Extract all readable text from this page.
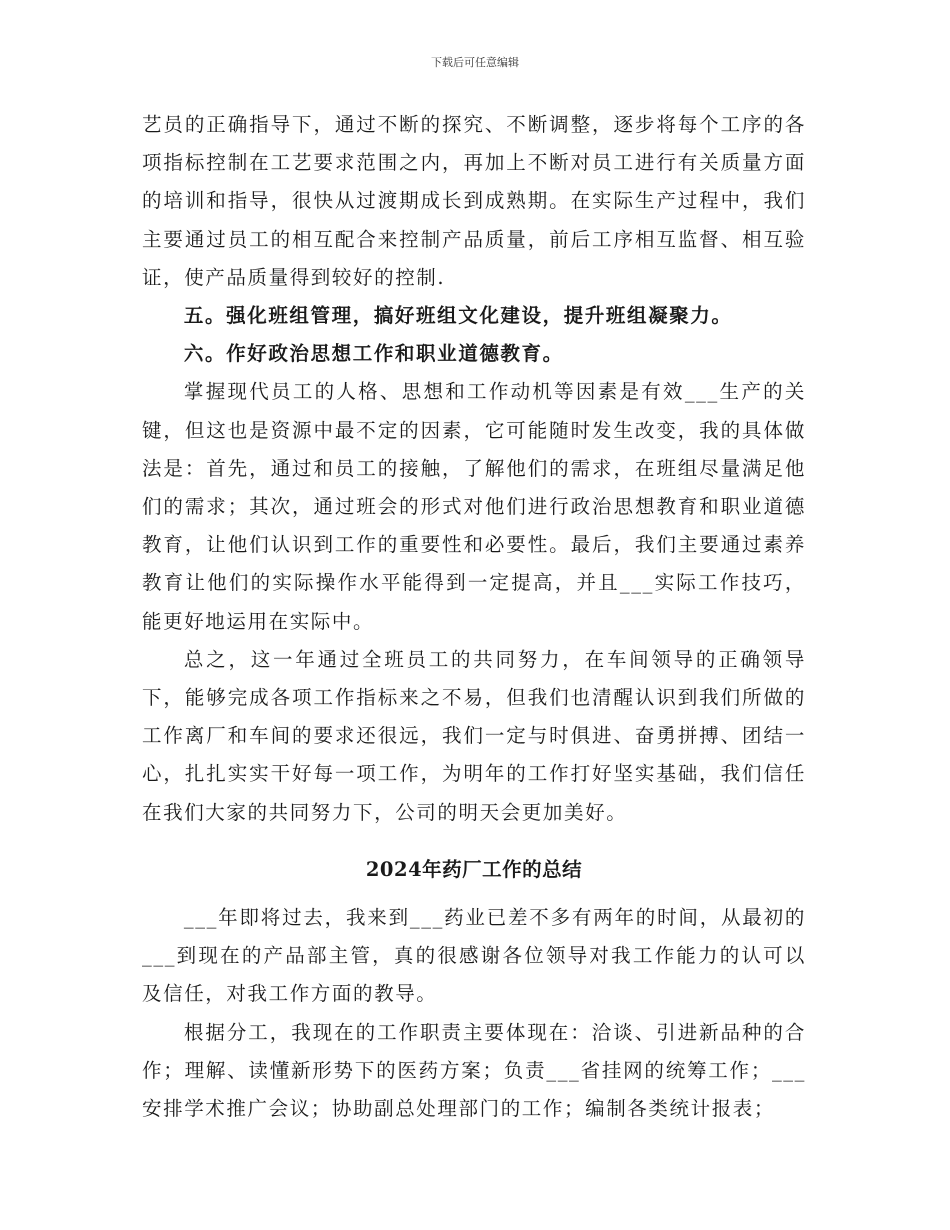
下载后可任意编辑

艺员的正确指导下，通过不断的探究、不断调整，逐步将每个工序的各项指标控制在工艺要求范围之内，再加上不断对员工进行有关质量方面的培训和指导，很快从过渡期成长到成熟期。在实际生产过程中，我们主要通过员工的相互配合来控制产品质量，前后工序相互监督、相互验证，使产品质量得到较好的控制.

五。强化班组管理，搞好班组文化建设，提升班组凝聚力。

六。作好政治思想工作和职业道德教育。

掌握现代员工的人格、思想和工作动机等因素是有效___生产的关键，但这也是资源中最不定的因素，它可能随时发生改变，我的具体做法是：首先，通过和员工的接触，了解他们的需求，在班组尽量满足他们的需求；其次，通过班会的形式对他们进行政治思想教育和职业道德教育，让他们认识到工作的重要性和必要性。最后，我们主要通过素养教育让他们的实际操作水平能得到一定提高，并且___实际工作技巧，能更好地运用在实际中。

总之，这一年通过全班员工的共同努力，在车间领导的正确领导下，能够完成各项工作指标来之不易，但我们也清醒认识到我们所做的工作离厂和车间的要求还很远，我们一定与时俱进、奋勇拼搏、团结一心，扎扎实实干好每一项工作，为明年的工作打好坚实基础，我们信任在我们大家的共同努力下，公司的明天会更加美好。

2024年药厂工作的总结

___年即将过去，我来到___药业已差不多有两年的时间，从最初的___到现在的产品部主管，真的很感谢各位领导对我工作能力的认可以及信任，对我工作方面的教导。

根据分工，我现在的工作职责主要体现在：洽谈、引进新品种的合作；理解、读懂新形势下的医药方案；负责___省挂网的统筹工作；___安排学术推广会议；协助副总处理部门的工作；编制各类统计报表；
